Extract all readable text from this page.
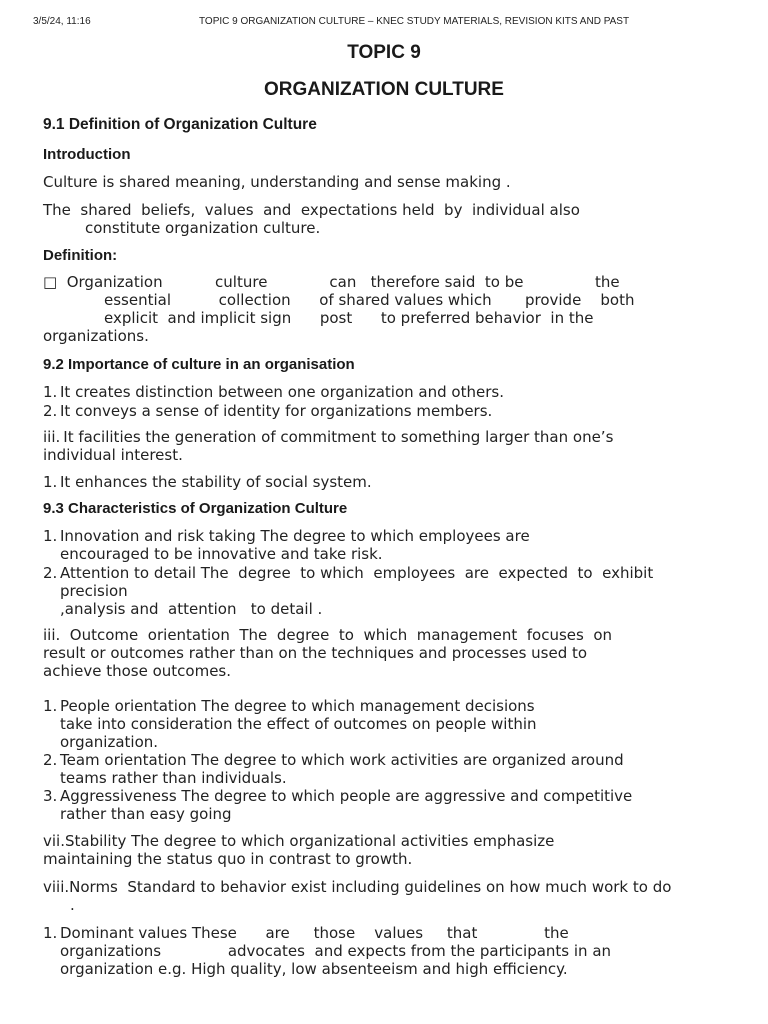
3/5/24, 11:16	TOPIC 9 ORGANIZATION CULTURE – KNEC STUDY MATERIALS, REVISION KITS AND PAST
TOPIC 9
ORGANIZATION CULTURE
9.1 Definition of Organization Culture
Introduction
Culture is shared meaning, understanding and sense making .
The  shared  beliefs,  values  and  expectations held  by  individual also

constitute organization culture.
Definition:
□  Organization           culture             can   therefore said  to be               the

essential          collection      of shared values which       provide    both
explicit  and implicit sign      post      to preferred behavior  in the
organizations.
9.2 Importance of culture in an organisation
1. It creates distinction between one organization and others.
2. It conveys a sense of identity for organizations members.
iii. It facilities the generation of commitment to something larger than one’s
individual interest.
1. It enhances the stability of social system.
9.3 Characteristics of Organization Culture
1. Innovation and risk taking The degree to which employees are
encouraged to be innovative and take risk.
2. Attention to detail The  degree  to which  employees  are  expected  to  exhibit
precision
,analysis and  attention   to detail .
iii.  Outcome  orientation  The  degree  to  which  management  focuses  on
result or outcomes rather than on the techniques and processes used to
achieve those outcomes.
1. People orientation The degree to which management decisions
take into consideration the effect of outcomes on people within
organization.
2. Team orientation The degree to which work activities are organized around
teams rather than individuals.
3. Aggressiveness The degree to which people are aggressive and competitive
rather than easy going
vii.Stability The degree to which organizational activities emphasize
maintaining the status quo in contrast to growth.
viii.Norms  Standard to behavior exist including guidelines on how much work to do
.
1. Dominant values These      are     those    values     that              the
organizations              advocates  and expects from the participants in an
organization e.g. High quality, low absenteeism and high efficiency.
